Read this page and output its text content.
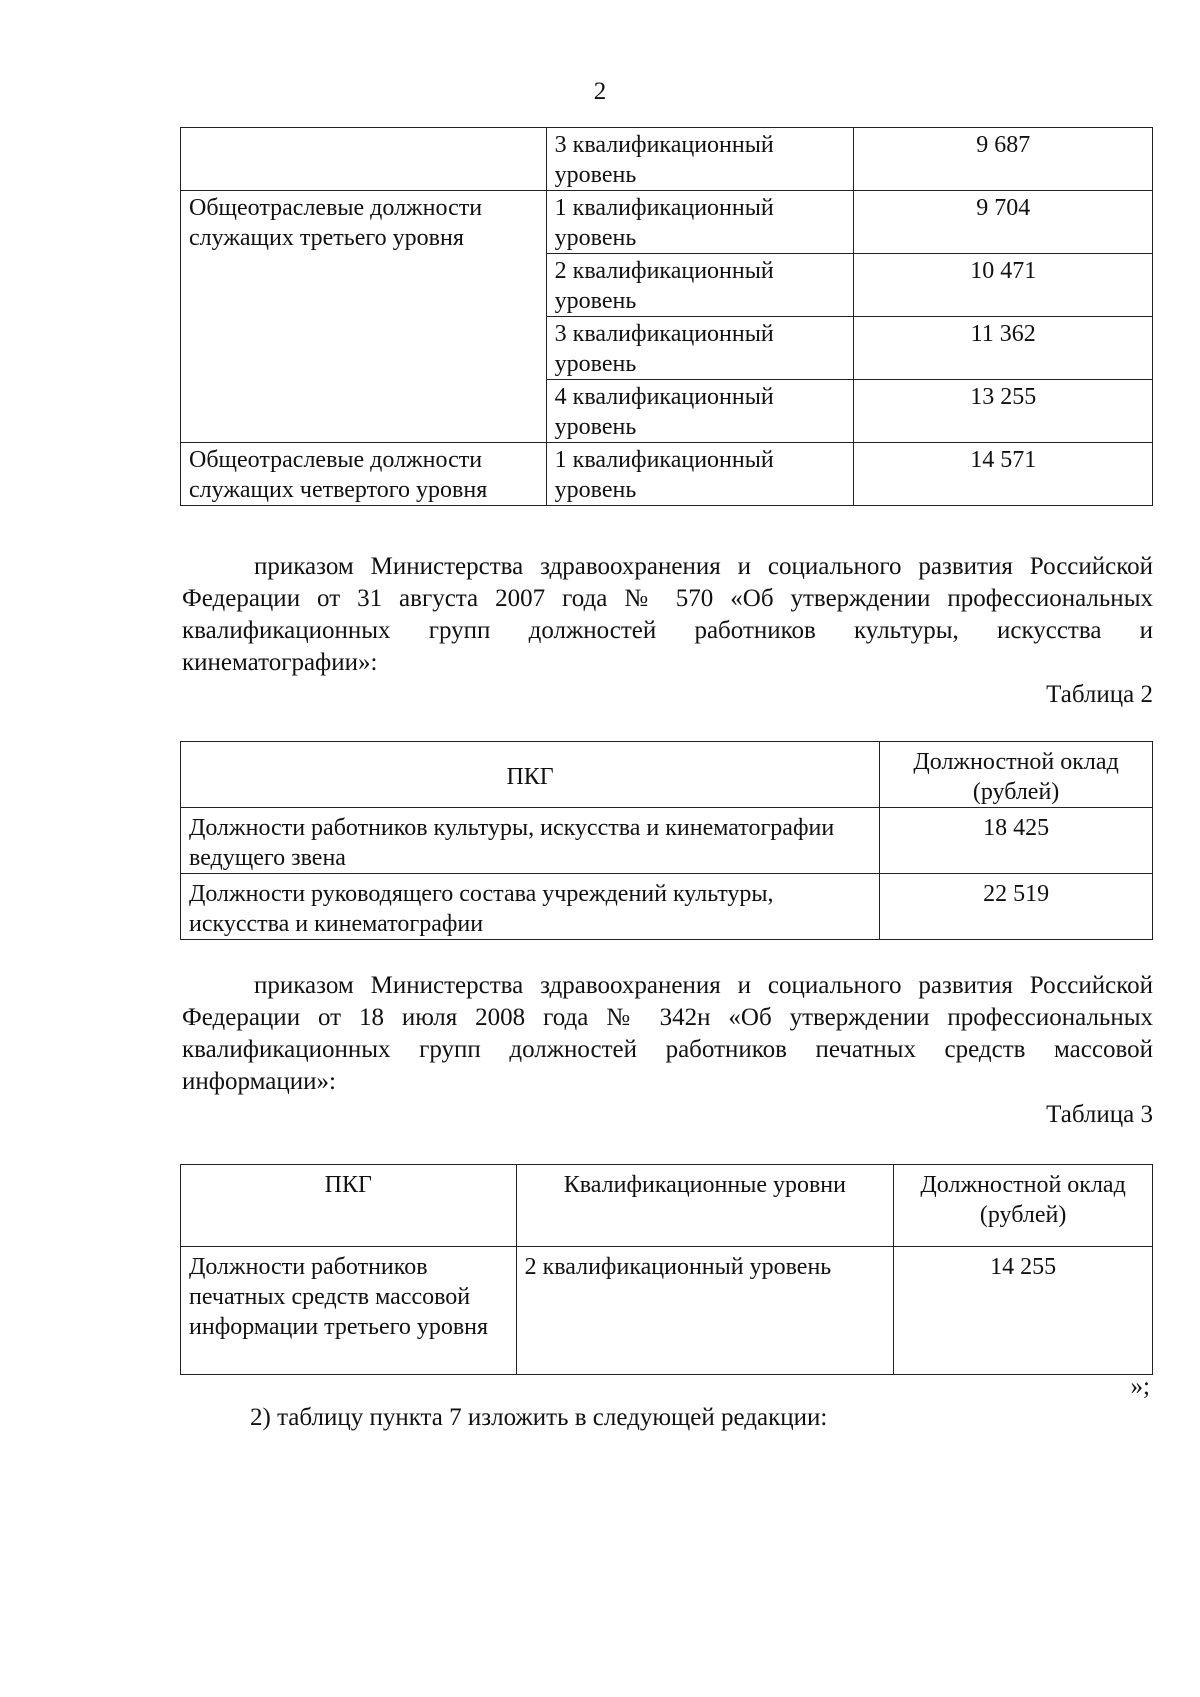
2
	3 квалификационный уровень	9 687
Общеотраслевые должности служащих третьего уровня	1 квалификационный уровень	9 704
	2 квалификационный уровень	10 471
	3 квалификационный уровень	11 362
	4 квалификационный уровень	13 255
Общеотраслевые должности служащих четвертого уровня	1 квалификационный уровень	14 571

приказом Министерства здравоохранения и социального развития Российской Федерации от 31 августа 2007 года № 570 «Об утверждении профессиональных квалификационных групп должностей работников культуры, искусства и кинематографии»:

Таблица 2
ПКГ	Должностной оклад (рублей)
Должности работников культуры, искусства и кинематографии ведущего звена	18 425
Должности руководящего состава учреждений культуры, искусства и кинематографии	22 519

приказом Министерства здравоохранения и социального развития Российской Федерации от 18 июля 2008 года № 342н «Об утверждении профессиональных квалификационных групп должностей работников печатных средств массовой информации»:

Таблица 3
ПКГ	Квалификационные уровни	Должностной оклад (рублей)
Должности работников печатных средств массовой информации третьего уровня	2 квалификационный уровень	14 255
»;
2) таблицу пункта 7 изложить в следующей редакции:
